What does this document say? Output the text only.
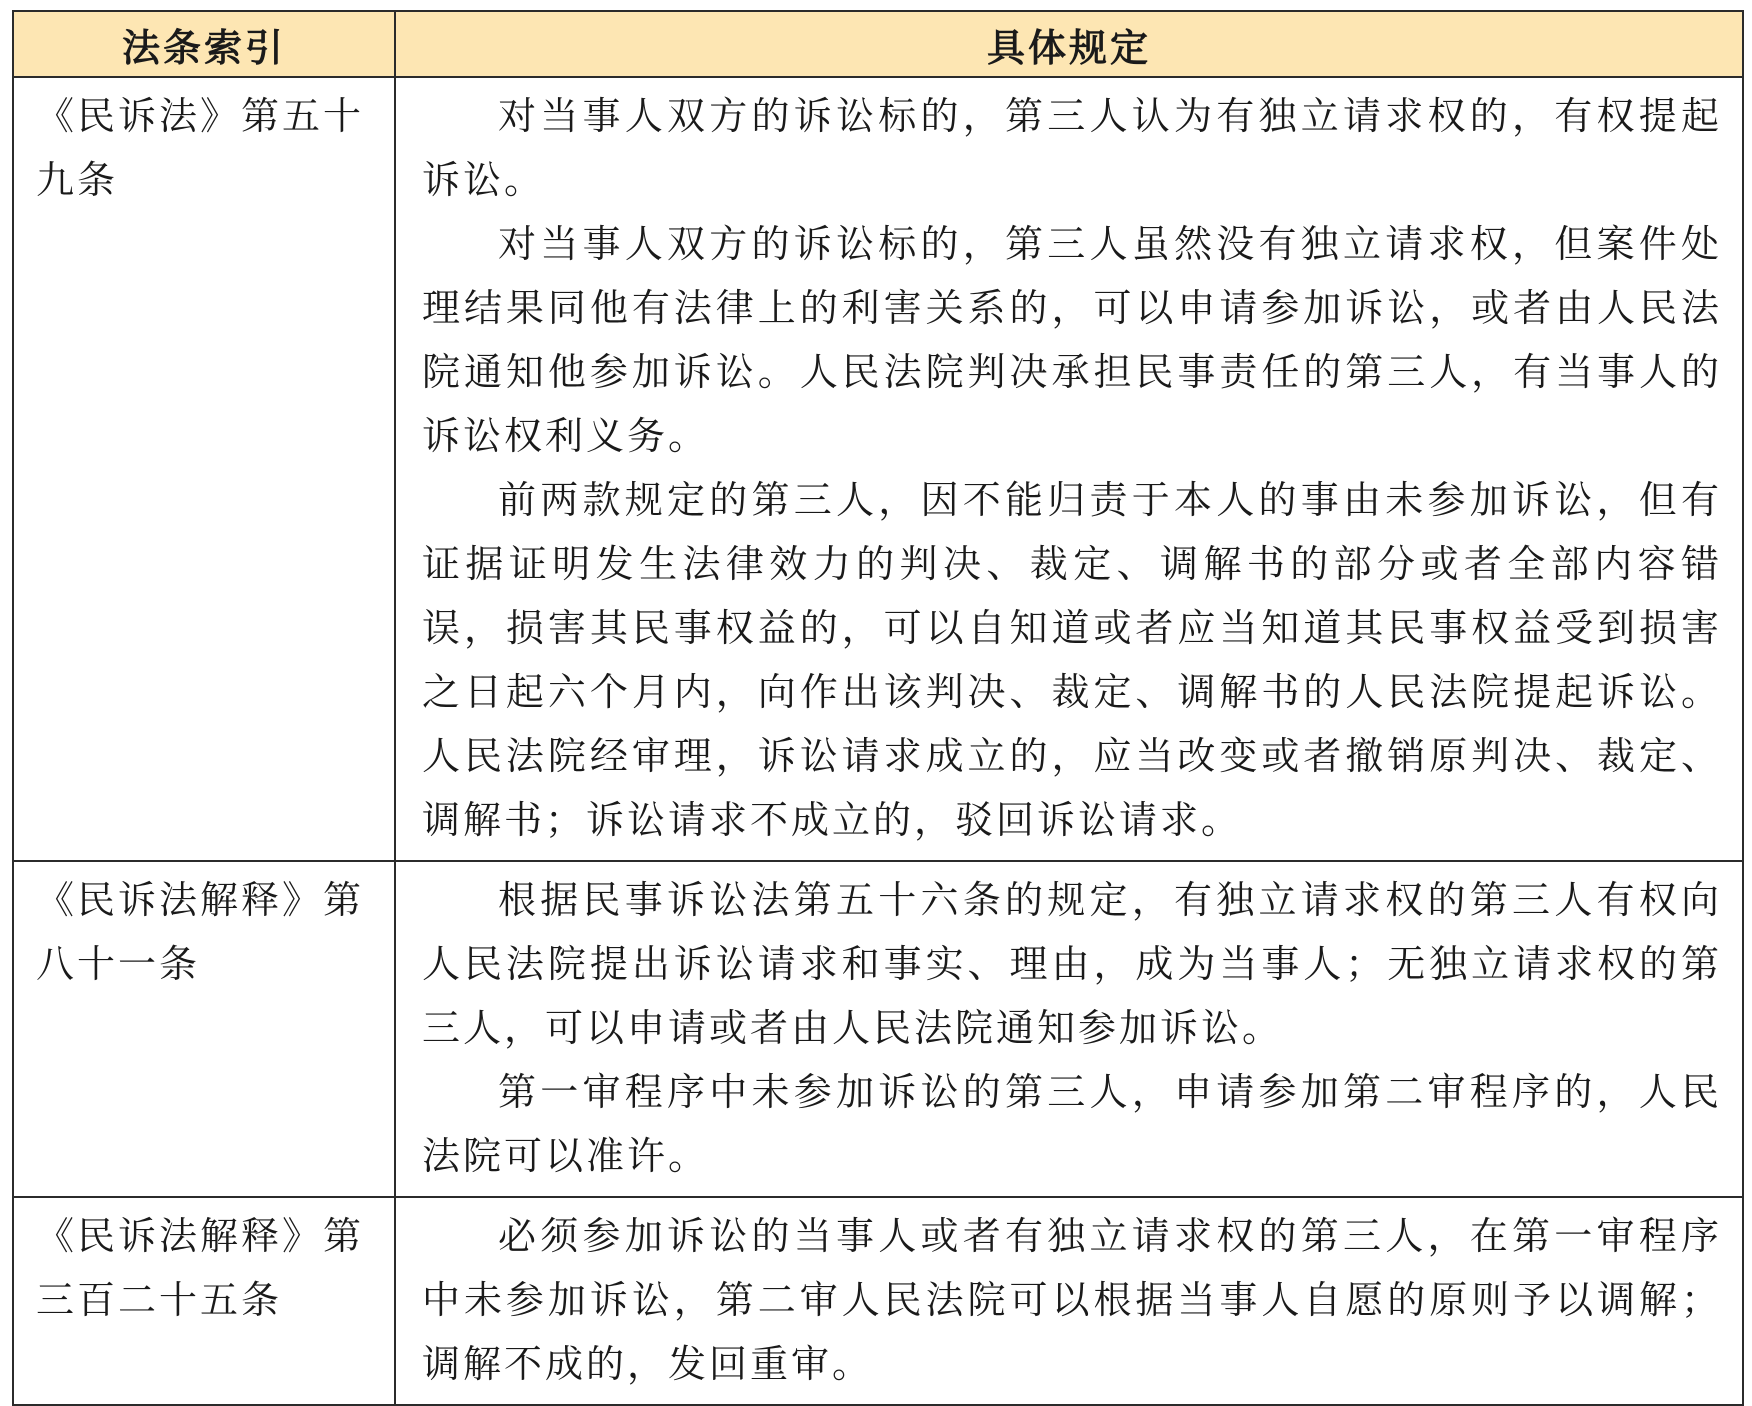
法条索引	具体规定
《民诉法》第五十九条	对当事人双方的诉讼标的，第三人认为有独立请求权的，有权提起诉讼。

对当事人双方的诉讼标的，第三人虽然没有独立请求权，但案件处理结果同他有法律上的利害关系的，可以申请参加诉讼，或者由人民法院通知他参加诉讼。人民法院判决承担民事责任的第三人，有当事人的诉讼权利义务。

前两款规定的第三人，因不能归责于本人的事由未参加诉讼，但有证据证明发生法律效力的判决、裁定、调解书的部分或者全部内容错误，损害其民事权益的，可以自知道或者应当知道其民事权益受到损害之日起六个月内，向作出该判决、裁定、调解书的人民法院提起诉讼。人民法院经审理，诉讼请求成立的，应当改变或者撤销原判决、裁定、调解书；诉讼请求不成立的，驳回诉讼请求。

《民诉法解释》第八十一条	根据民事诉讼法第五十六条的规定，有独立请求权的第三人有权向人民法院提出诉讼请求和事实、理由，成为当事人；无独立请求权的第三人，可以申请或者由人民法院通知参加诉讼。

第一审程序中未参加诉讼的第三人，申请参加第二审程序的，人民法院可以准许。

《民诉法解释》第三百二十五条	必须参加诉讼的当事人或者有独立请求权的第三人，在第一审程序中未参加诉讼，第二审人民法院可以根据当事人自愿的原则予以调解；调解不成的，发回重审。
